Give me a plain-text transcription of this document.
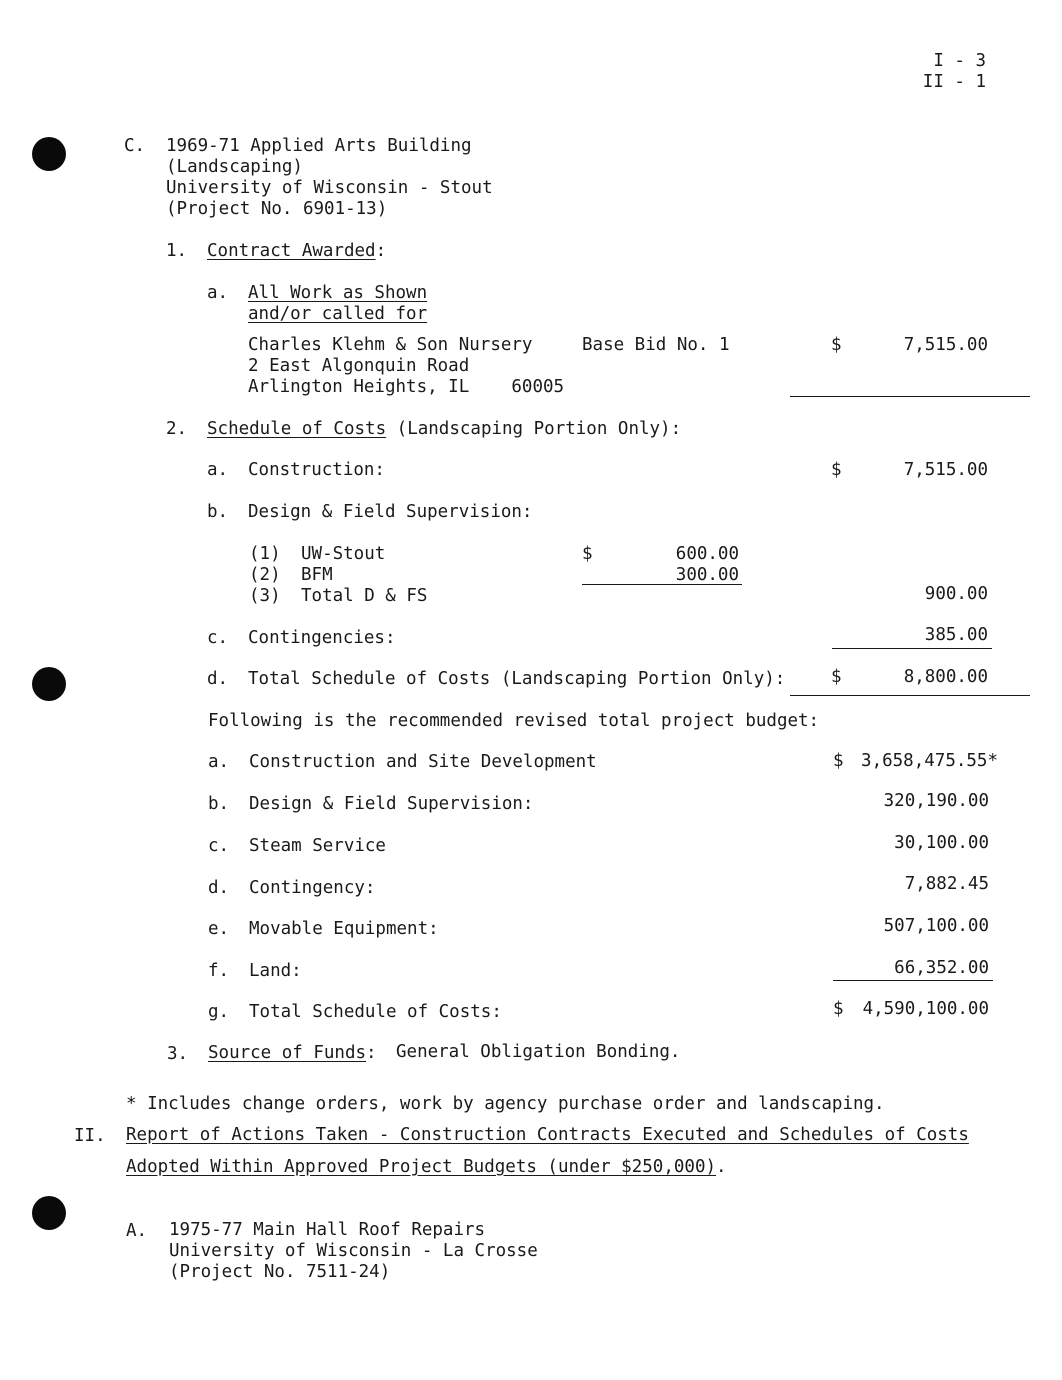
I - 3
II - 1
C. 1969-71 Applied Arts Building
(Landscaping)
University of Wisconsin - Stout
(Project No. 6901-13)
1. Contract Awarded:
a. All Work as Shown
and/or called for
Charles Klehm & Son Nursery
2 East Algonquin Road
Arlington Heights, IL    60005
Base Bid No. 1	$	7,515.00
2. Schedule of Costs (Landscaping Portion Only):
a. Construction:	$	7,515.00
b. Design & Field Supervision:
(1) UW-Stout	$	600.00
(2) BFM	300.00
(3) Total D & FS	900.00
c. Contingencies:	385.00
d. Total Schedule of Costs (Landscaping Portion Only):	$	8,800.00
Following is the recommended revised total project budget:
a. Construction and Site Development	$ 3,658,475.55*
b. Design & Field Supervision:	320,190.00
c. Steam Service	30,100.00
d. Contingency:	7,882.45
e. Movable Equipment:	507,100.00
f. Land:	66,352.00
g. Total Schedule of Costs:	$ 4,590,100.00
3. Source of Funds: General Obligation Bonding.
* Includes change orders, work by agency purchase order and landscaping.
II. Report of Actions Taken - Construction Contracts Executed and Schedules of Costs
Adopted Within Approved Project Budgets (under $250,000).
A. 1975-77 Main Hall Roof Repairs
University of Wisconsin - La Crosse
(Project No. 7511-24)
